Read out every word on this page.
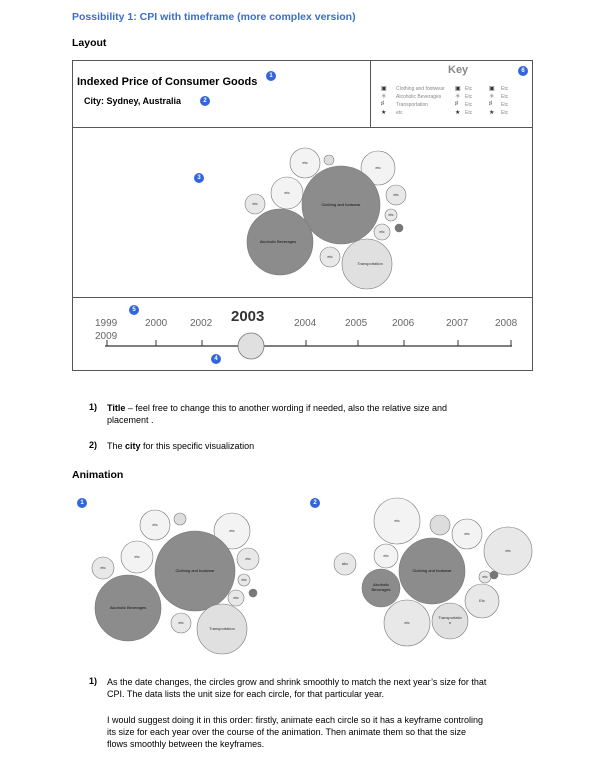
Possibility 1: CPI with timeframe (more complex version)
Layout
Indexed Price of Consumer Goods
City: Sydney, Australia
1
2
3
6
5
4
Key
▣ Clothing and footwear
⚛ Alcoholic Beverages
♯ Transportation
★ etc
▣ Etc
⚛ Etc
♯ Etc
★ Etc
▣ Etc
⚛ Etc
♯ Etc
★ Etc
etc
etc
etc
etc	Clothing and footwear
etc
etc
etc
Alcoholic Beverages
etc
Transportation
1999
2009
2000 2002 2003	2004	2005 2006	2007	2008
1) Title – feel free to change this to another wording if needed, also the relative size and
placement .
2) The city for this specific visualization
Animation
1	2
etc
etc
etc
etc
Clothing and footwear
etc
etc
etc
Alcoholic Beverages
etc
Transportation
etc
etc
etc
abc
Clothing and footwear
etc
etc
Etc
Alcoholic
Beverages
etc
Transportatio
n
1) As the date changes, the circles grow and shrink smoothly to match the next year’s size for that
CPI. The data lists the unit size for each circle, for that particular year.
I would suggest doing it in this order: firstly, animate each circle so it has a keyframe controling
its size for each year over the course of the animation. Then animate them so that the size
flows smoothly between the keyframes.
